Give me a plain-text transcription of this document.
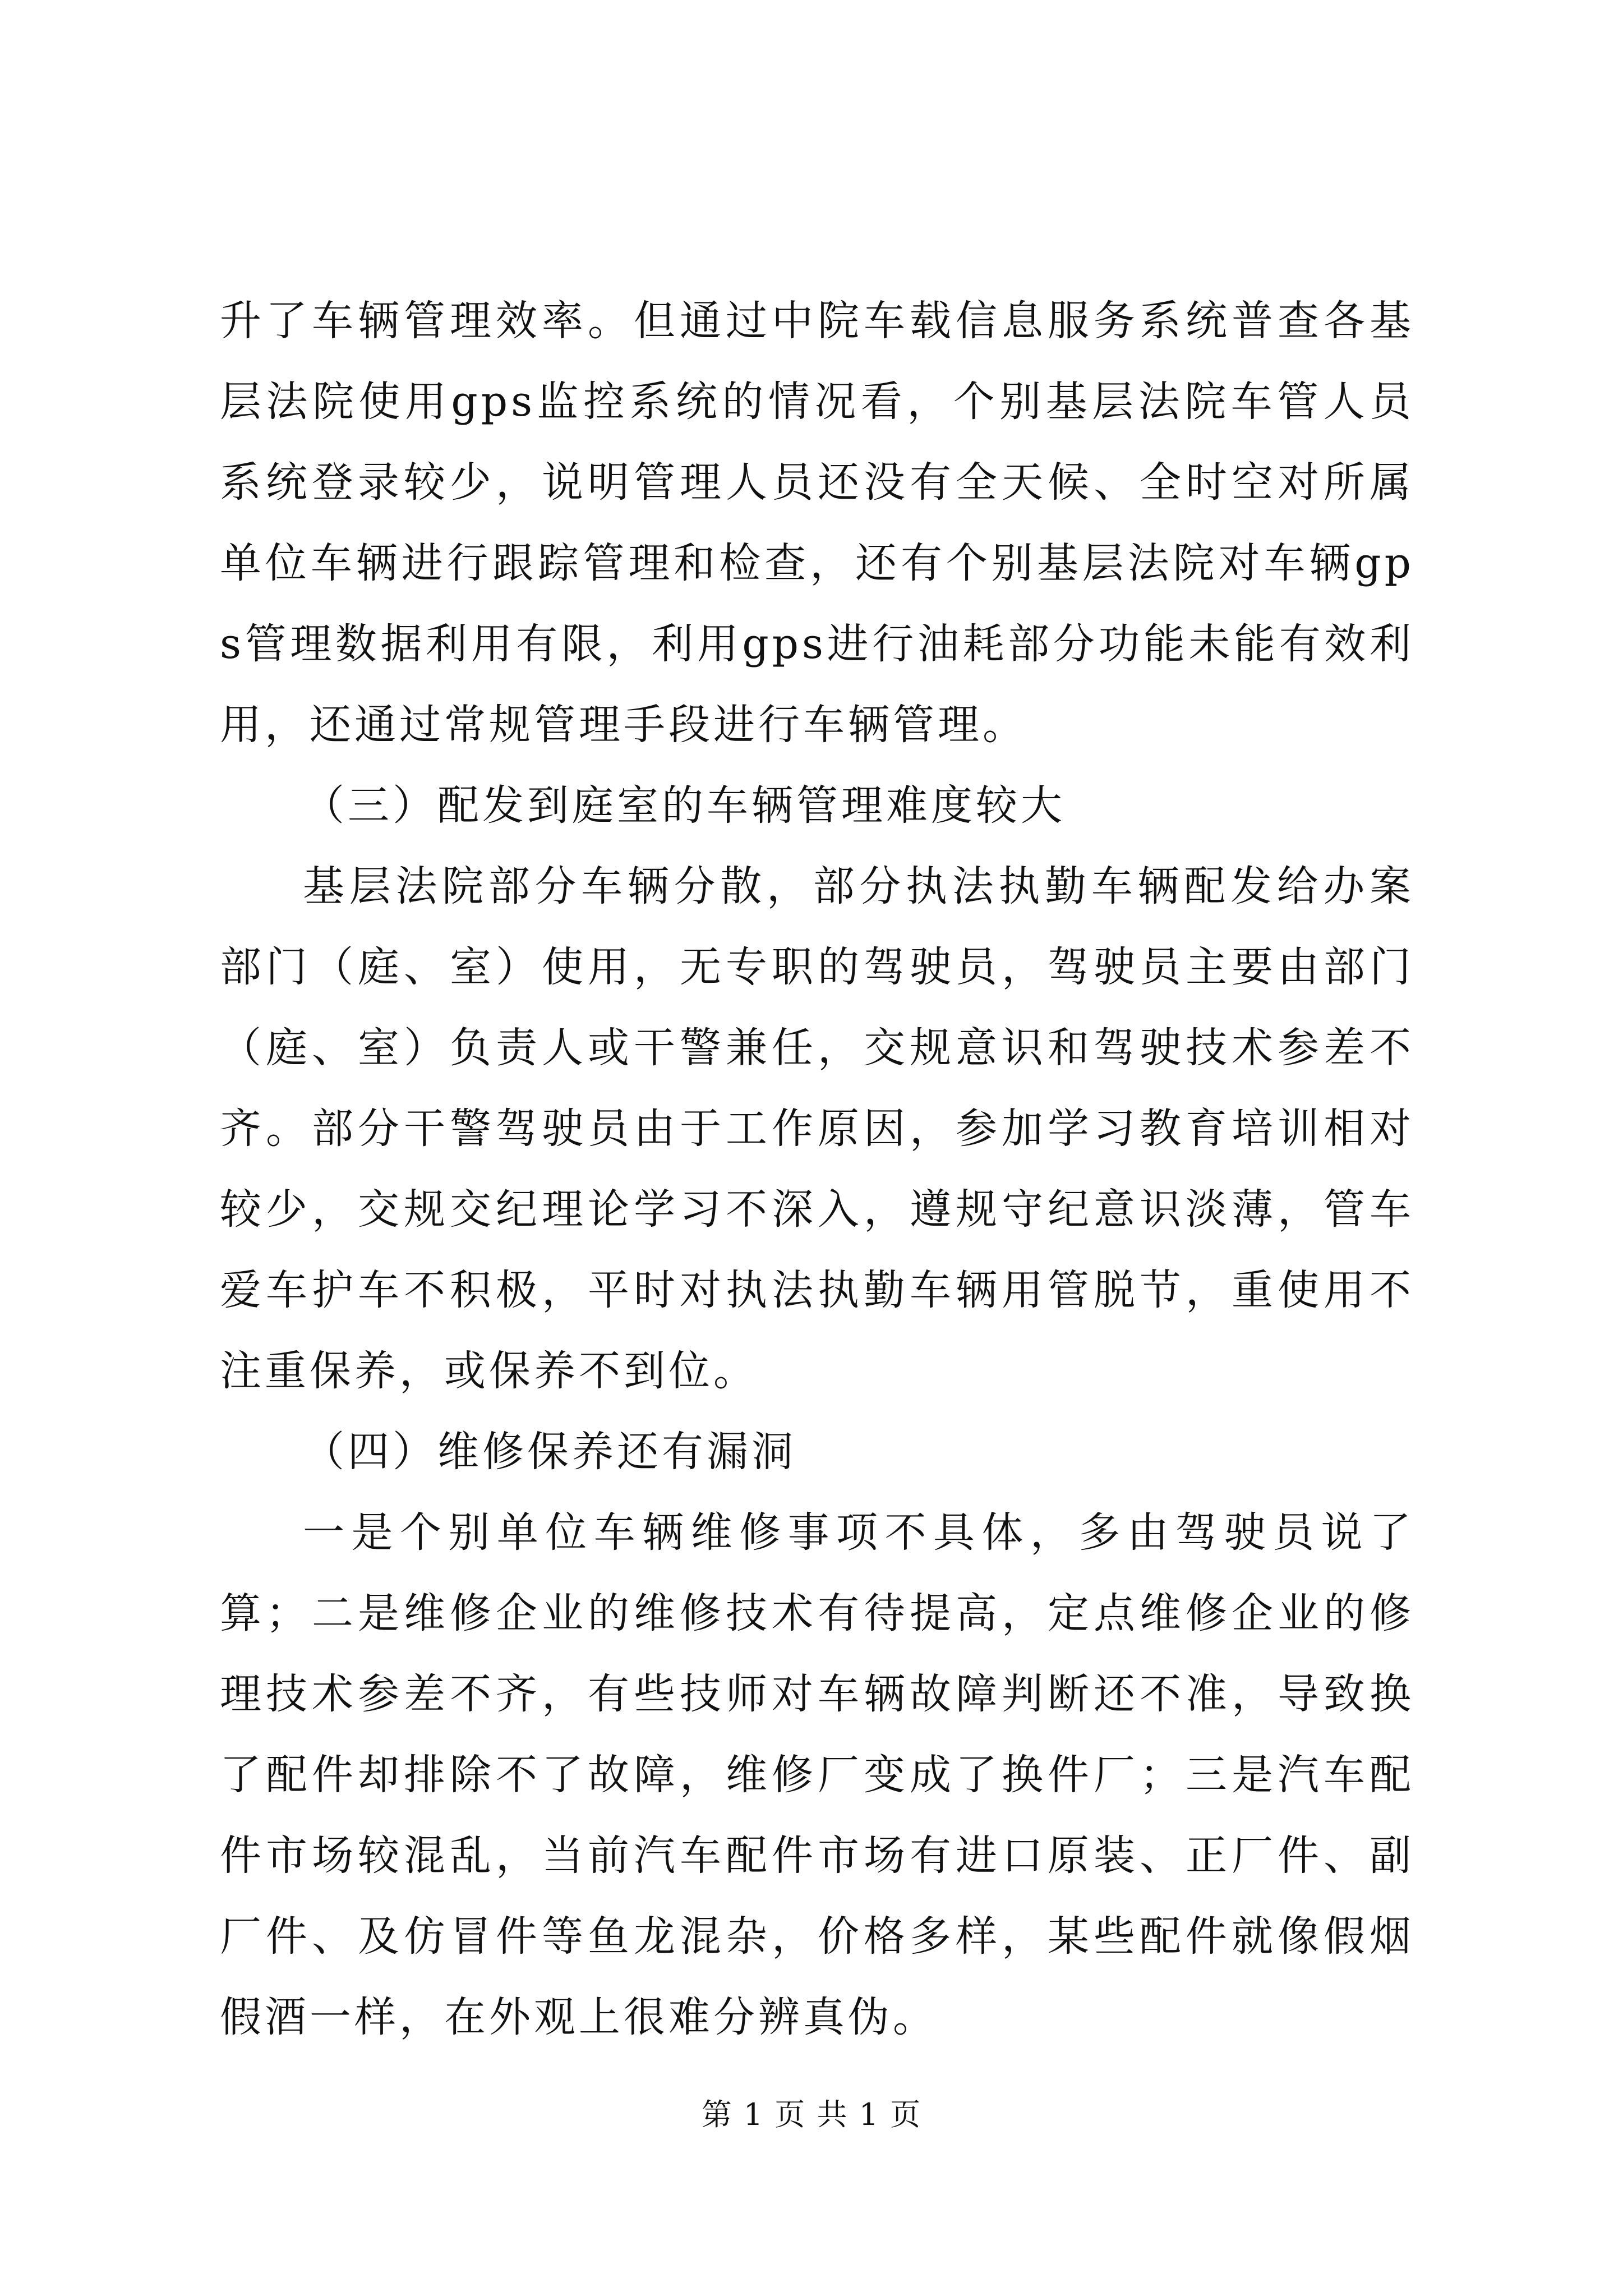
升了车辆管理效率。但通过中院车载信息服务系统普查各基层法院使用gps监控系统的情况看，个别基层法院车管人员系统登录较少，说明管理人员还没有全天候、全时空对所属单位车辆进行跟踪管理和检查，还有个别基层法院对车辆gps管理数据利用有限，利用gps进行油耗部分功能未能有效利用，还通过常规管理手段进行车辆管理。

（三）配发到庭室的车辆管理难度较大

基层法院部分车辆分散，部分执法执勤车辆配发给办案部门（庭、室）使用，无专职的驾驶员，驾驶员主要由部门（庭、室）负责人或干警兼任，交规意识和驾驶技术参差不齐。部分干警驾驶员由于工作原因，参加学习教育培训相对较少，交规交纪理论学习不深入，遵规守纪意识淡薄，管车爱车护车不积极，平时对执法执勤车辆用管脱节，重使用不注重保养，或保养不到位。

（四）维修保养还有漏洞

一是个别单位车辆维修事项不具体，多由驾驶员说了算；二是维修企业的维修技术有待提高，定点维修企业的修理技术参差不齐，有些技师对车辆故障判断还不准，导致换了配件却排除不了故障，维修厂变成了换件厂；三是汽车配件市场较混乱，当前汽车配件市场有进口原装、正厂件、副厂件、及仿冒件等鱼龙混杂，价格多样，某些配件就像假烟假酒一样，在外观上很难分辨真伪。

第 1 页 共 1 页
